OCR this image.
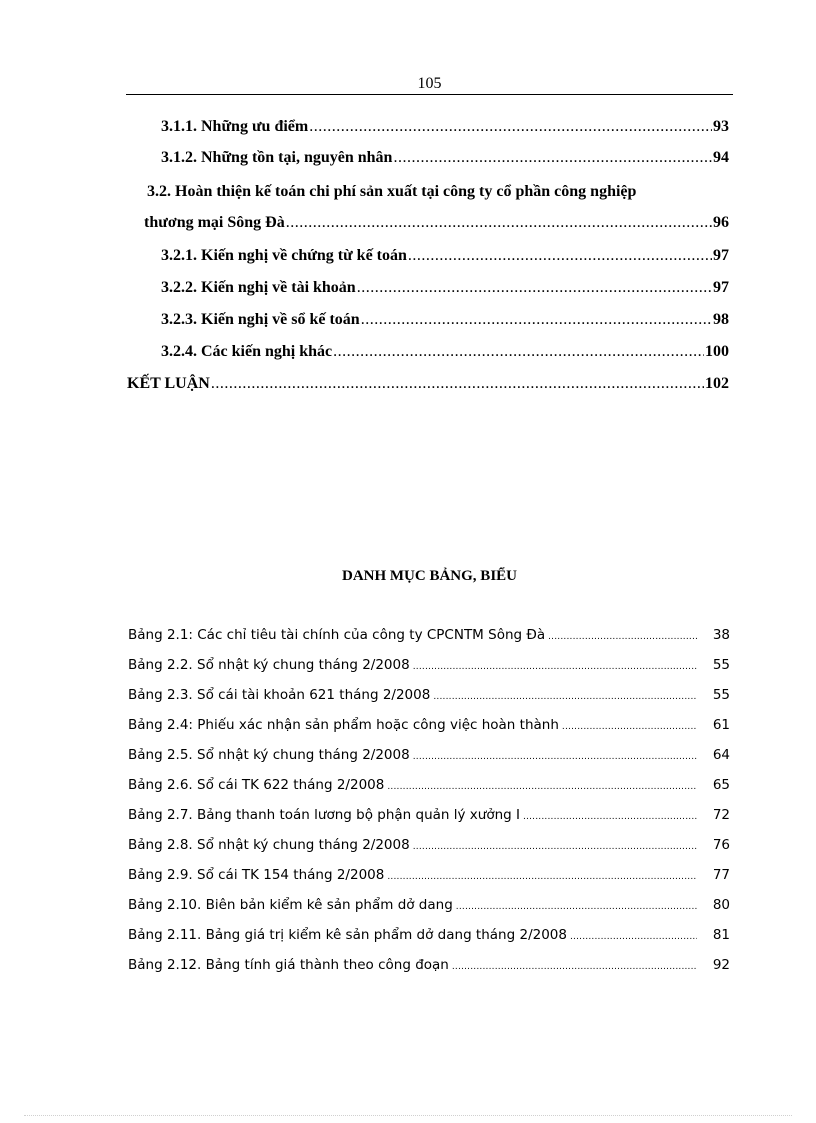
105
3.1.1. Những ưu điểm .....	93
3.1.2. Những tồn tại, nguyên nhân .....	94
3.2. Hoàn thiện kế toán chi phí sản xuất tại công ty cổ phần công nghiệp
thương mại Sông Đà .....	96
3.2.1. Kiến nghị về chứng từ kế toán .....	97
3.2.2. Kiến nghị về tài khoản .....	97
3.2.3. Kiến nghị về sổ kế toán .....	98
3.2.4. Các kiến nghị khác .....	100
KẾT LUẬN .....	102
DANH MỤC BẢNG, BIỂU
Bảng 2.1: Các chỉ tiêu tài chính của công ty CPCNTM Sông Đà .....	38
Bảng 2.2. Sổ nhật ký chung tháng 2/2008 .....	55
Bảng 2.3. Sổ cái tài khoản 621 tháng 2/2008 .....	55
Bảng 2.4: Phiếu xác nhận sản phẩm hoặc công việc hoàn thành .....	61
Bảng 2.5. Sổ nhật ký chung tháng 2/2008 .....	64
Bảng 2.6. Sổ cái TK 622 tháng 2/2008 .....	65
Bảng 2.7. Bảng thanh toán lương bộ phận quản lý xưởng I .....	72
Bảng 2.8. Sổ nhật ký chung tháng 2/2008 .....	76
Bảng 2.9. Sổ cái TK 154 tháng 2/2008 .....	77
Bảng 2.10. Biên bản kiểm kê sản phẩm dở dang .....	80
Bảng 2.11. Bảng giá trị kiểm kê sản phẩm dở dang tháng 2/2008 .....	81
Bảng 2.12. Bảng tính giá thành theo công đoạn .....	92
